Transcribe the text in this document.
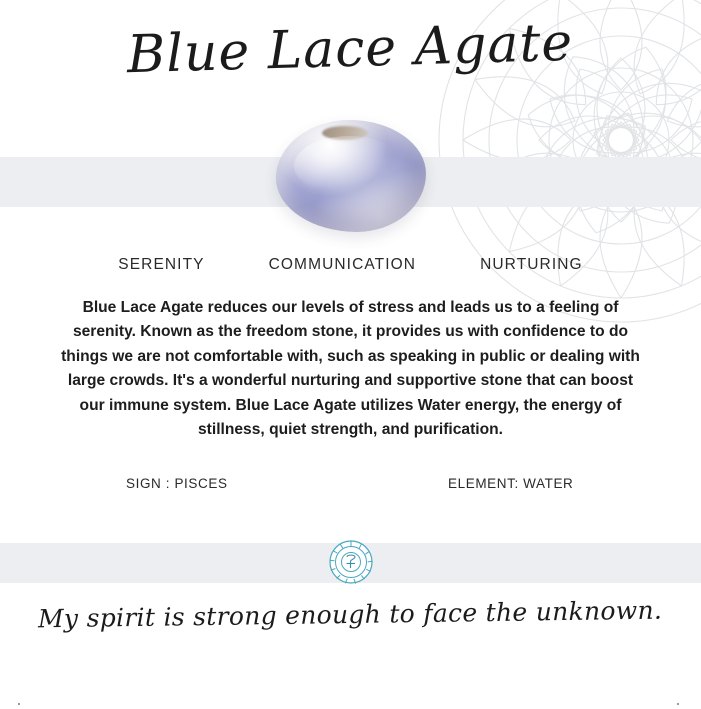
Blue Lace Agate
SERENITY	COMMUNICATION	NURTURING
Blue Lace Agate reduces our levels of stress and leads us to a feeling of serenity. Known as the freedom stone, it provides us with confidence to do things we are not comfortable with, such as speaking in public or dealing with large crowds. It's a wonderful nurturing and supportive stone that can boost our immune system. Blue Lace Agate utilizes Water energy, the energy of stillness, quiet strength, and purification.
SIGN : PISCES	ELEMENT: WATER
My spirit is strong enough to face the unknown.
